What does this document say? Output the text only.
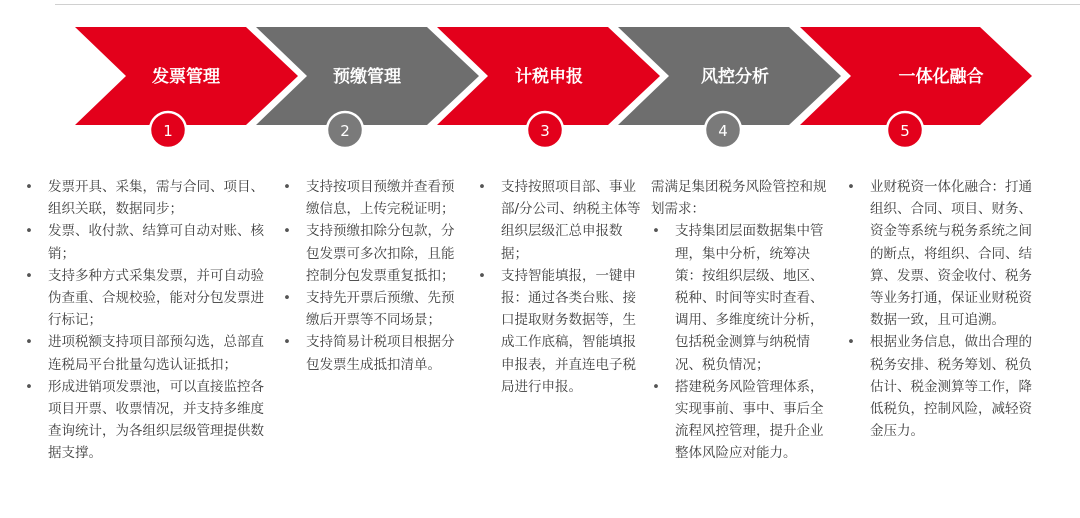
发票管理
1
预缴管理
2
计税申报
3
风控分析
4
一体化融合
5
• 发票开具、采集，需与合同、项目、组织关联，数据同步；
• 发票、收付款、结算可自动对账、核销；
• 支持多种方式采集发票，并可自动验伪查重、合规校验，能对分包发票进行标记；
• 进项税额支持项目部预勾选，总部直连税局平台批量勾选认证抵扣；
• 形成进销项发票池，可以直接监控各项目开票、收票情况，并支持多维度查询统计，为各组织层级管理提供数据支撑。
• 支持按项目预缴并查看预缴信息，上传完税证明；
• 支持预缴扣除分包款，分包发票可多次扣除，且能控制分包发票重复抵扣；
• 支持先开票后预缴、先预缴后开票等不同场景；
• 支持简易计税项目根据分包发票生成抵扣清单。
• 支持按照项目部、事业部/分公司、纳税主体等组织层级汇总申报数据；
• 支持智能填报，一键申报：通过各类台账、接口提取财务数据等，生成工作底稿，智能填报申报表，并直连电子税局进行申报。

需满足集团税务风险管控和规划需求：

• 支持集团层面数据集中管理，集中分析，统筹决策：按组织层级、地区、税种、时间等实时查看、调用、多维度统计分析，包括税金测算与纳税情况、税负情况；
• 搭建税务风险管理体系，实现事前、事中、事后全流程风控管理，提升企业整体风险应对能力。
• 业财税资一体化融合：打通组织、合同、项目、财务、资金等系统与税务系统之间的断点，将组织、合同、结算、发票、资金收付、税务等业务打通，保证业财税资数据一致，且可追溯。
• 根据业务信息，做出合理的税务安排、税务筹划、税负估计、税金测算等工作，降低税负，控制风险，减轻资金压力。
